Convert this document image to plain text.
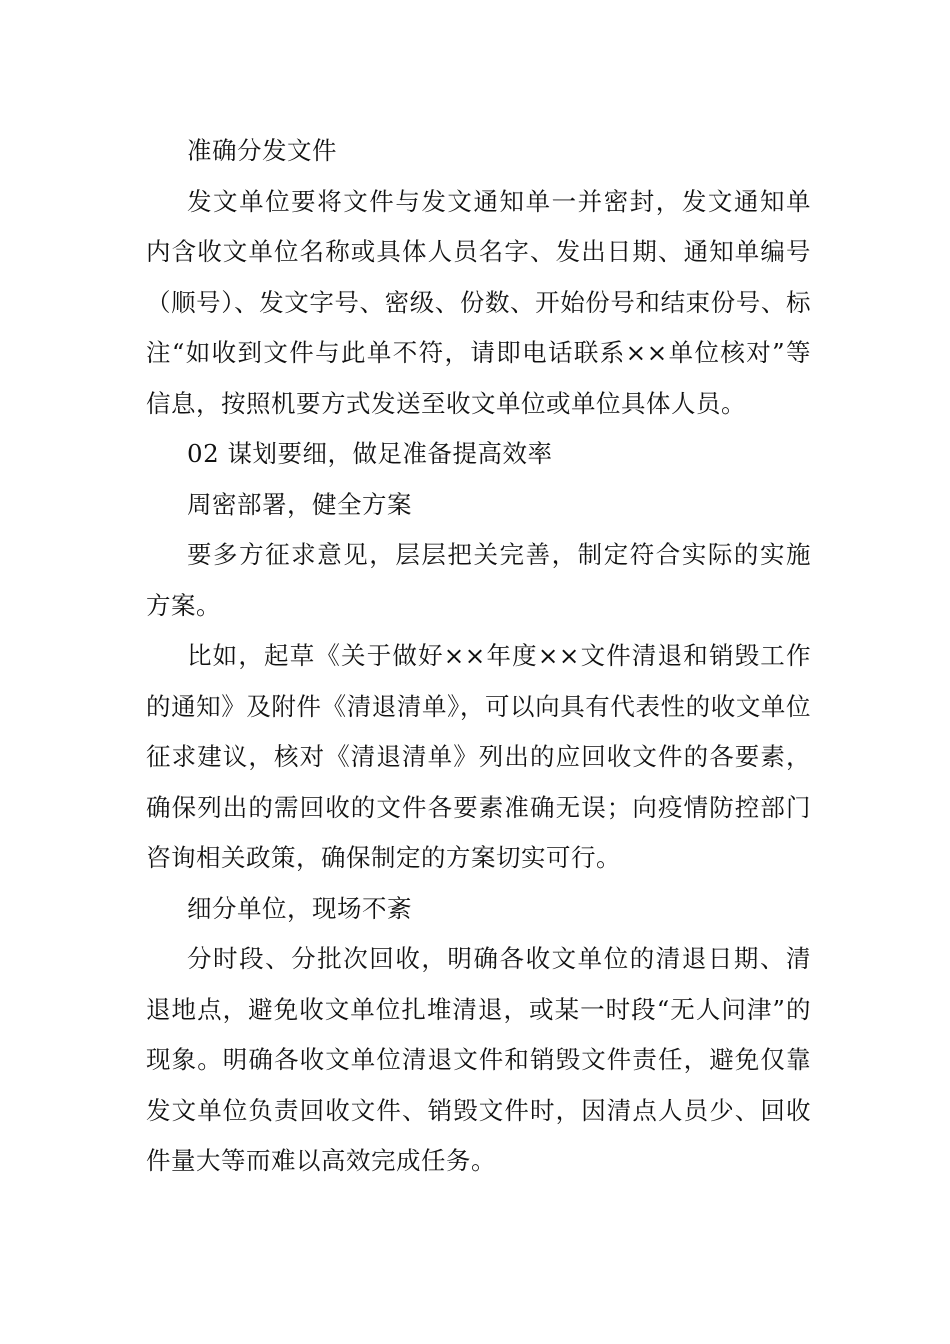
准确分发文件

发文单位要将文件与发文通知单一并密封，发文通知单内含收文单位名称或具体人员名字、发出日期、通知单编号（顺号）、发文字号、密级、份数、开始份号和结束份号、标注“如收到文件与此单不符，请即电话联系××单位核对”等信息，按照机要方式发送至收文单位或单位具体人员。

02 谋划要细，做足准备提高效率

周密部署，健全方案

要多方征求意见，层层把关完善，制定符合实际的实施方案。

比如，起草《关于做好××年度××文件清退和销毁工作的通知》及附件《清退清单》，可以向具有代表性的收文单位征求建议，核对《清退清单》列出的应回收文件的各要素，确保列出的需回收的文件各要素准确无误；向疫情防控部门咨询相关政策，确保制定的方案切实可行。

细分单位，现场不紊

分时段、分批次回收，明确各收文单位的清退日期、清退地点，避免收文单位扎堆清退，或某一时段“无人问津”的现象。明确各收文单位清退文件和销毁文件责任，避免仅靠发文单位负责回收文件、销毁文件时，因清点人员少、回收件量大等而难以高效完成任务。
